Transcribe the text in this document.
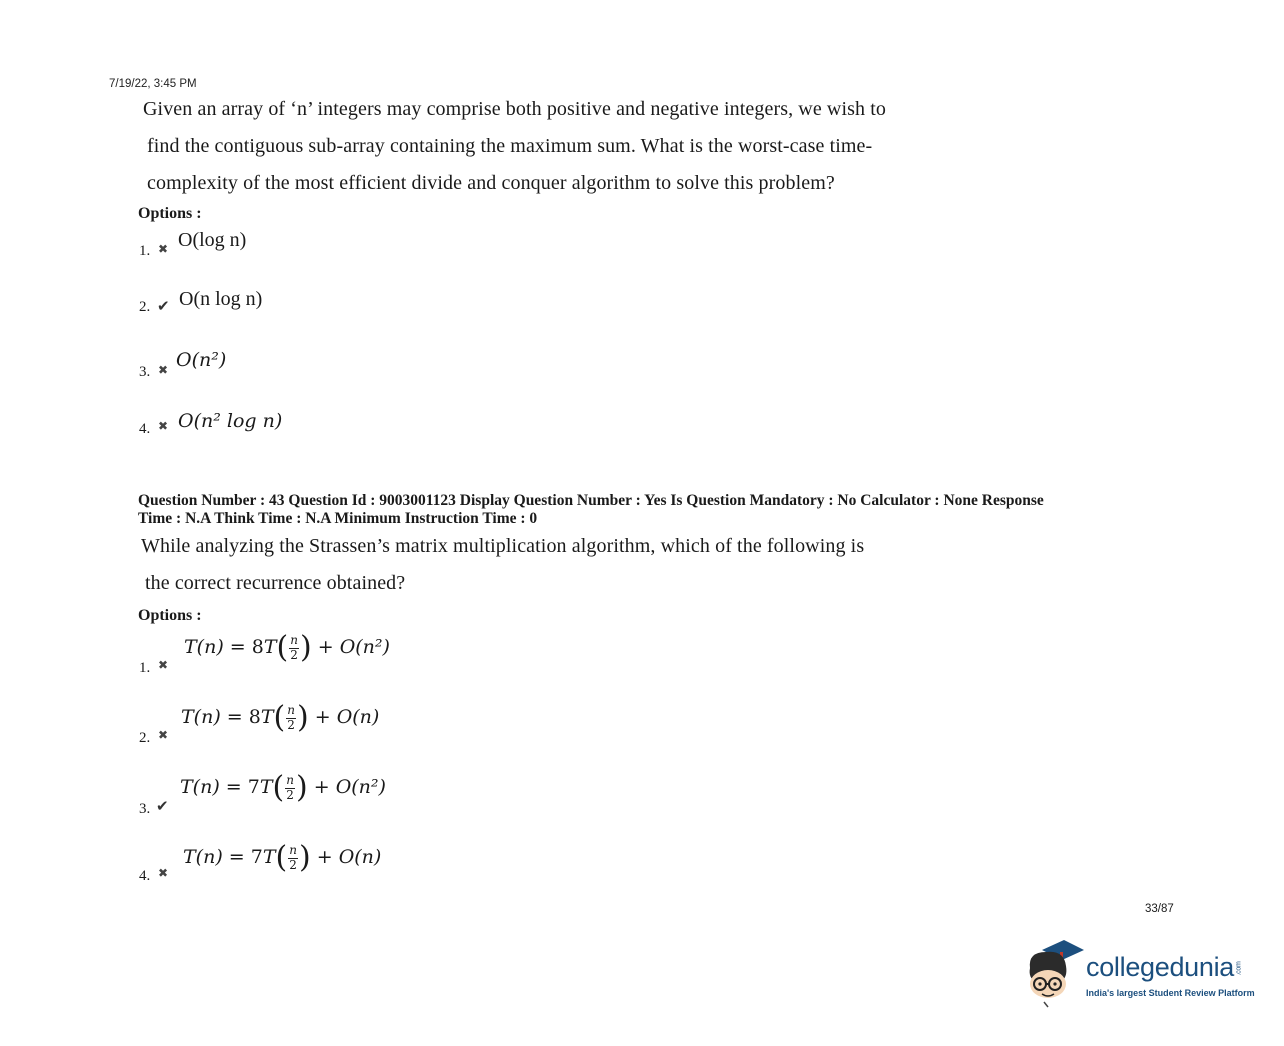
7/19/22, 3:45 PM
Given an array of ‘n’ integers may comprise both positive and negative integers, we wish to
find the contiguous sub-array containing the maximum sum. What is the worst-case time-
complexity of the most efficient divide and conquer algorithm to solve this problem?
Options :
1. ✖ O(log n)
2. ✔ O(n log n)
3. ✖ O(n²)
4. ✖ O(n² log n)
Question Number : 43 Question Id : 9003001123 Display Question Number : Yes Is Question Mandatory : No Calculator : None Response
Time : N.A Think Time : N.A Minimum Instruction Time : 0
While analyzing the Strassen’s matrix multiplication algorithm, which of the following is
the correct recurrence obtained?
Options :
1. ✖
T(n) = 8T ( $\frac{n}{2}$ ) + O(n²)
2. ✖
T(n) = 8T ( $\frac{n}{2}$ ) + O(n)
3. ✔
T(n) = 7T ( $\frac{n}{2}$ ) + O(n²)
4. ✖
T(n) = 7T ( $\frac{n}{2}$ ) + O(n)
33/87
collegedunia.com
India's largest Student Review Platform
